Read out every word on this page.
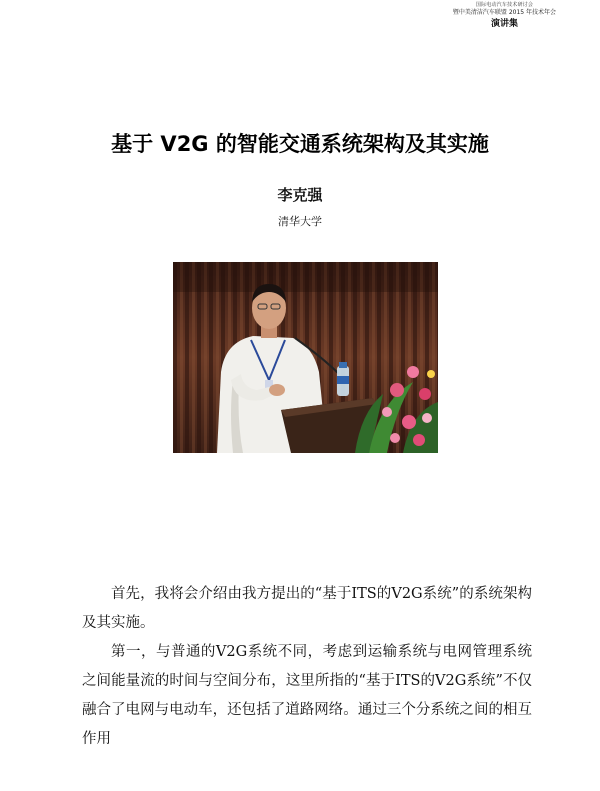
国际电动汽车技术研讨会
暨中美清洁汽车联盟 2015 年技术年会
演讲集
基于 V2G 的智能交通系统架构及其实施
李克强
清华大学

首先，我将会介绍由我方提出的“基于ITS的V2G系统”的系统架构及其实施。

第一，与普通的V2G系统不同，考虑到运输系统与电网管理系统之间能量流的时间与空间分布，这里所指的“基于ITS的V2G系统”不仅融合了电网与电动车，还包括了道路网络。通过三个分系统之间的相互作用
